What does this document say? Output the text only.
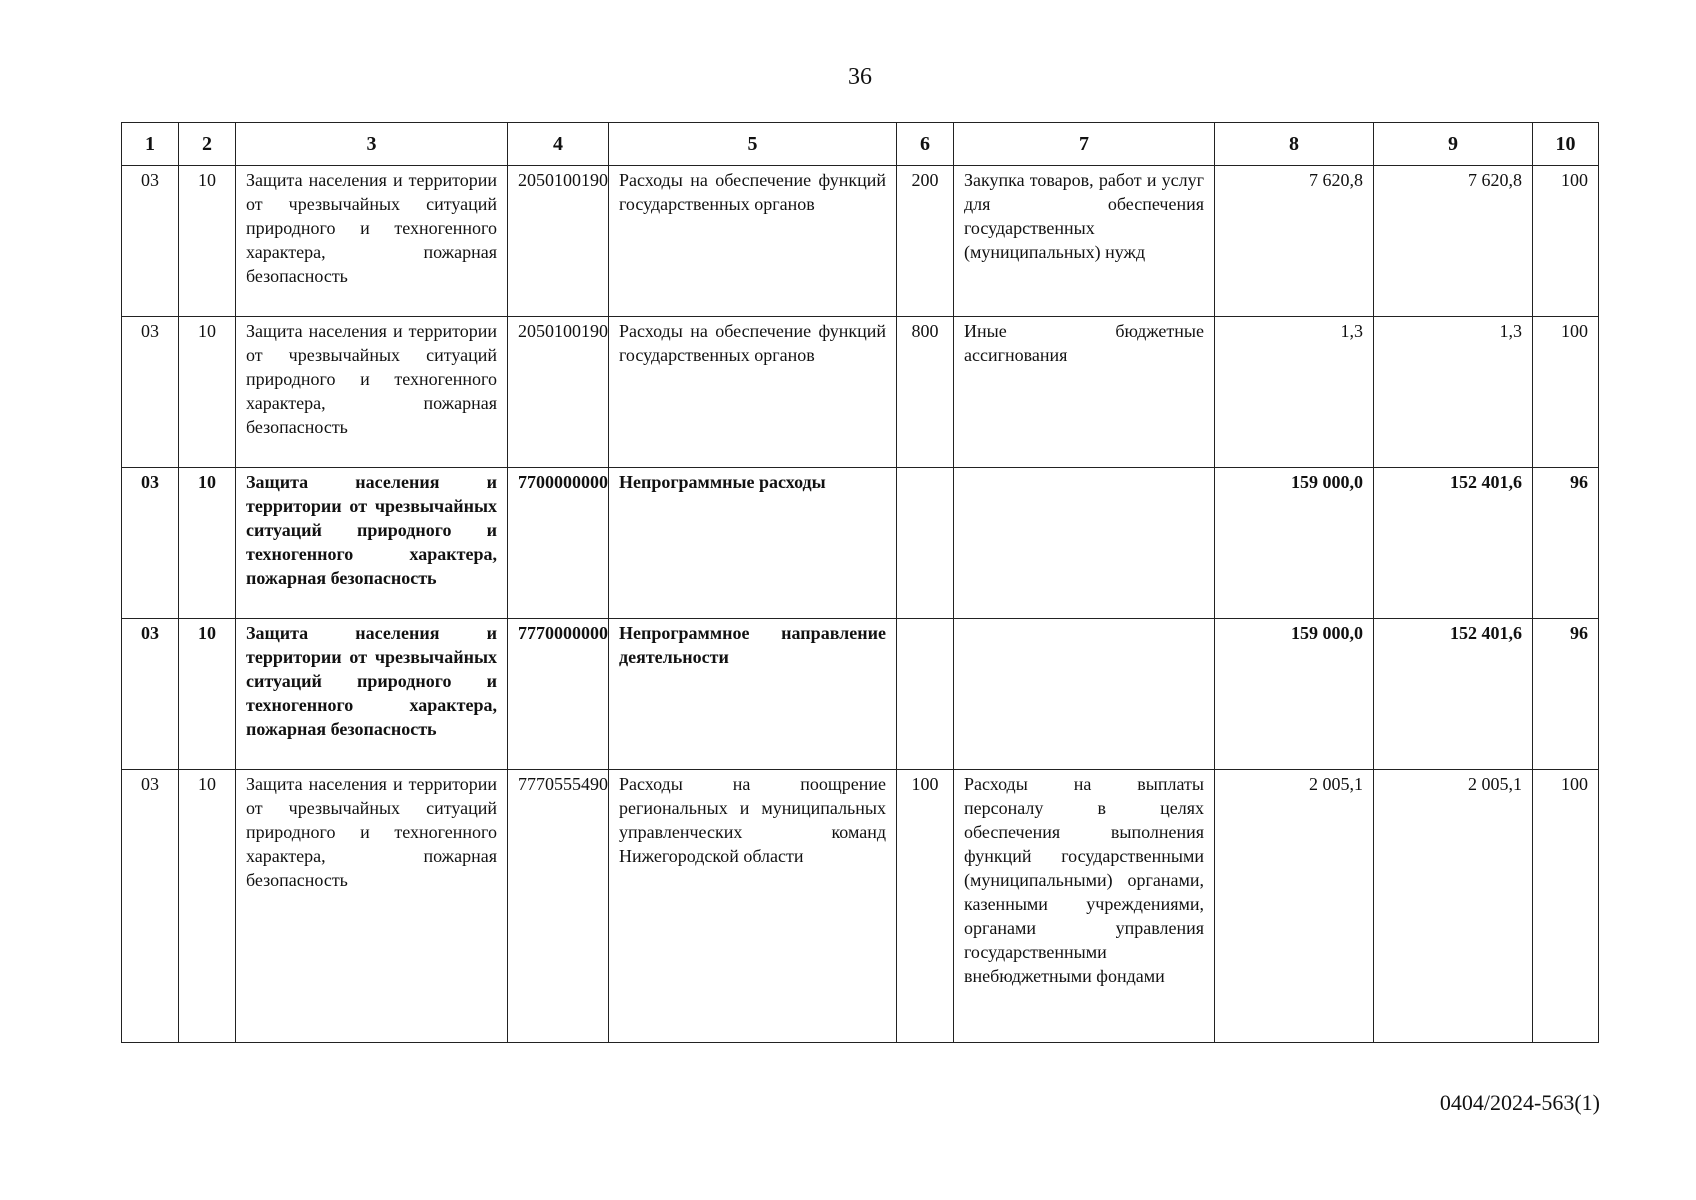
36
1	2	3	4	5	6	7	8	9	10
03	10	Защита населения и территории от чрезвычайных ситуаций природного и техногенного характера, пожарная безопасность	2050100190	Расходы на обеспечение функций государственных органов	200	Закупка товаров, работ и услуг для обеспечения государственных (муниципальных) нужд	7 620,8	7 620,8	100
03	10	Защита населения и территории от чрезвычайных ситуаций природного и техногенного характера, пожарная безопасность	2050100190	Расходы на обеспечение функций государственных органов	800	Иные бюджетные ассигнования	1,3	1,3	100
03	10	Защита населения и территории от чрезвычайных ситуаций природного и техногенного характера, пожарная безопасность	7700000000	Непрограммные расходы			159 000,0	152 401,6	96
03	10	Защита населения и территории от чрезвычайных ситуаций природного и техногенного характера, пожарная безопасность	7770000000	Непрограммное направление деятельности			159 000,0	152 401,6	96
03	10	Защита населения и территории от чрезвычайных ситуаций природного и техногенного характера, пожарная безопасность	7770555490	Расходы на поощрение региональных и муниципальных управленческих команд Нижегородской области	100	Расходы на выплаты персоналу в целях обеспечения выполнения функций государственными (муниципальными) органами, казенными учреждениями, органами управления государственными внебюджетными фондами	2 005,1	2 005,1	100
0404/2024-563(1)
